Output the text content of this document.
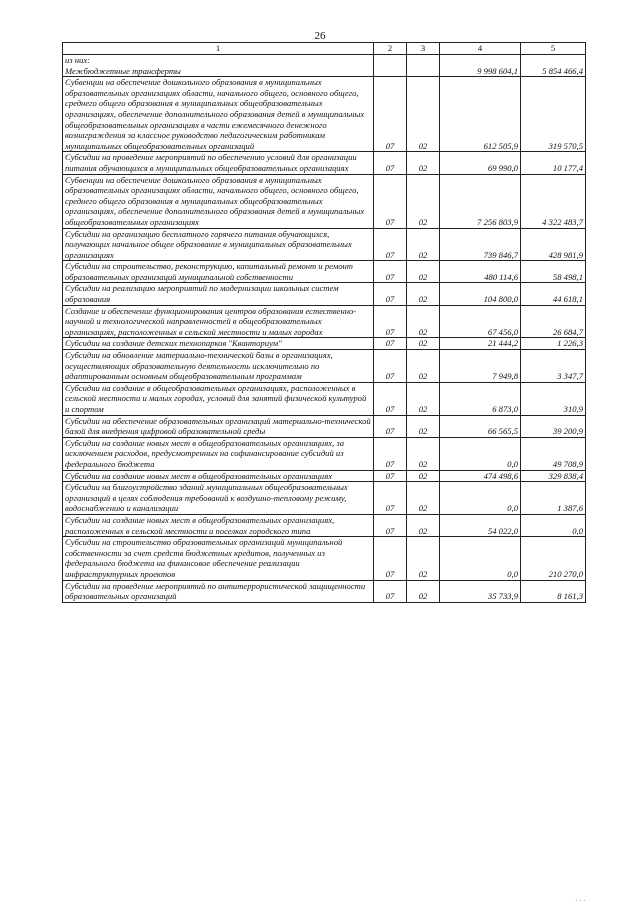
26
1	2	3	4	5
из них:
Межбюджетные трансферты			9 998 604,1	5 854 466,4
Субвенции на обеспечение дошкольного образования в муниципальных образовательных организациях области, начального общего, основного общего, среднего общего образования в муниципальных общеобразовательных организациях, обеспечение дополнительного образования детей в муниципальных общеобразовательных организациях в части ежемесячного денежного вознаграждения за классное руководство педагогическим работникам муниципальных общеобразовательных организаций	07	02	612 505,9	319 570,5
Субсидии на проведение мероприятий по обеспечению условий для организации питания обучающихся в муниципальных общеобразовательных организациях	07	02	69 990,0	10 177,4
Субвенции на обеспечение дошкольного образования в муниципальных образовательных организациях области, начального общего, основного общего, среднего общего образования в муниципальных общеобразовательных организациях, обеспечение дополнительного образования детей в муниципальных общеобразовательных организациях	07	02	7 256 803,9	4 322 483,7
Субсидии на организацию бесплатного горячего питания обучающихся, получающих начальное общее образование в муниципальных образовательных организациях	07	02	739 846,7	428 981,9
Субсидии на строительство, реконструкцию, капитальный ремонт и ремонт образовательных организаций муниципальной собственности	07	02	480 114,6	58 498,1
Субсидии на реализацию мероприятий по модернизации школьных систем образования	07	02	104 800,0	44 618,1
Создание и обеспечение функционирования центров образования естественно-научной и технологической направленностей в общеобразовательных организациях, расположенных в сельской местности и малых городах	07	02	67 456,0	26 684,7
Субсидии на создание детских технопарков "Кванториум"	07	02	21 444,2	1 226,3
Субсидии на обновление материально-технической базы в организациях, осуществляющих образовательную деятельность исключительно по адаптированным основным общеобразовательным программам	07	02	7 949,8	3 347,7
Субсидии на создание в общеобразовательных организациях, расположенных в сельской местности и малых городах, условий для занятий физической культурой и спортом	07	02	6 873,0	310,9
Субсидии на обеспечение образовательных организаций материально-технической базой для внедрения цифровой образовательной среды	07	02	66 565,5	39 200,9
Субсидии на создание новых мест в общеобразовательных организациях, за исключением расходов, предусмотренных на софинансирование субсидий из федерального бюджета	07	02	0,0	49 708,9
Субсидии на создание новых мест в общеобразовательных организациях	07	02	474 498,6	329 838,4
Субсидии на благоустройство зданий муниципальных общеобразовательных организаций в целях соблюдения требований к воздушно-тепловому режиму, водоснабжению и канализации	07	02	0,0	1 387,6
Субсидии на создание новых мест в общеобразовательных организациях, расположенных в сельской местности и поселках городского типа	07	02	54 022,0	0,0
Субсидии на строительство образовательных организаций муниципальной собственности за счет средств бюджетных кредитов, полученных из федерального бюджета на финансовое обеспечение реализации инфраструктурных проектов	07	02	0,0	210 270,0
Субсидии на проведение мероприятий по антитеррористической защищенности образовательных организаций	07	02	35 733,9	8 161,3
· · ·
